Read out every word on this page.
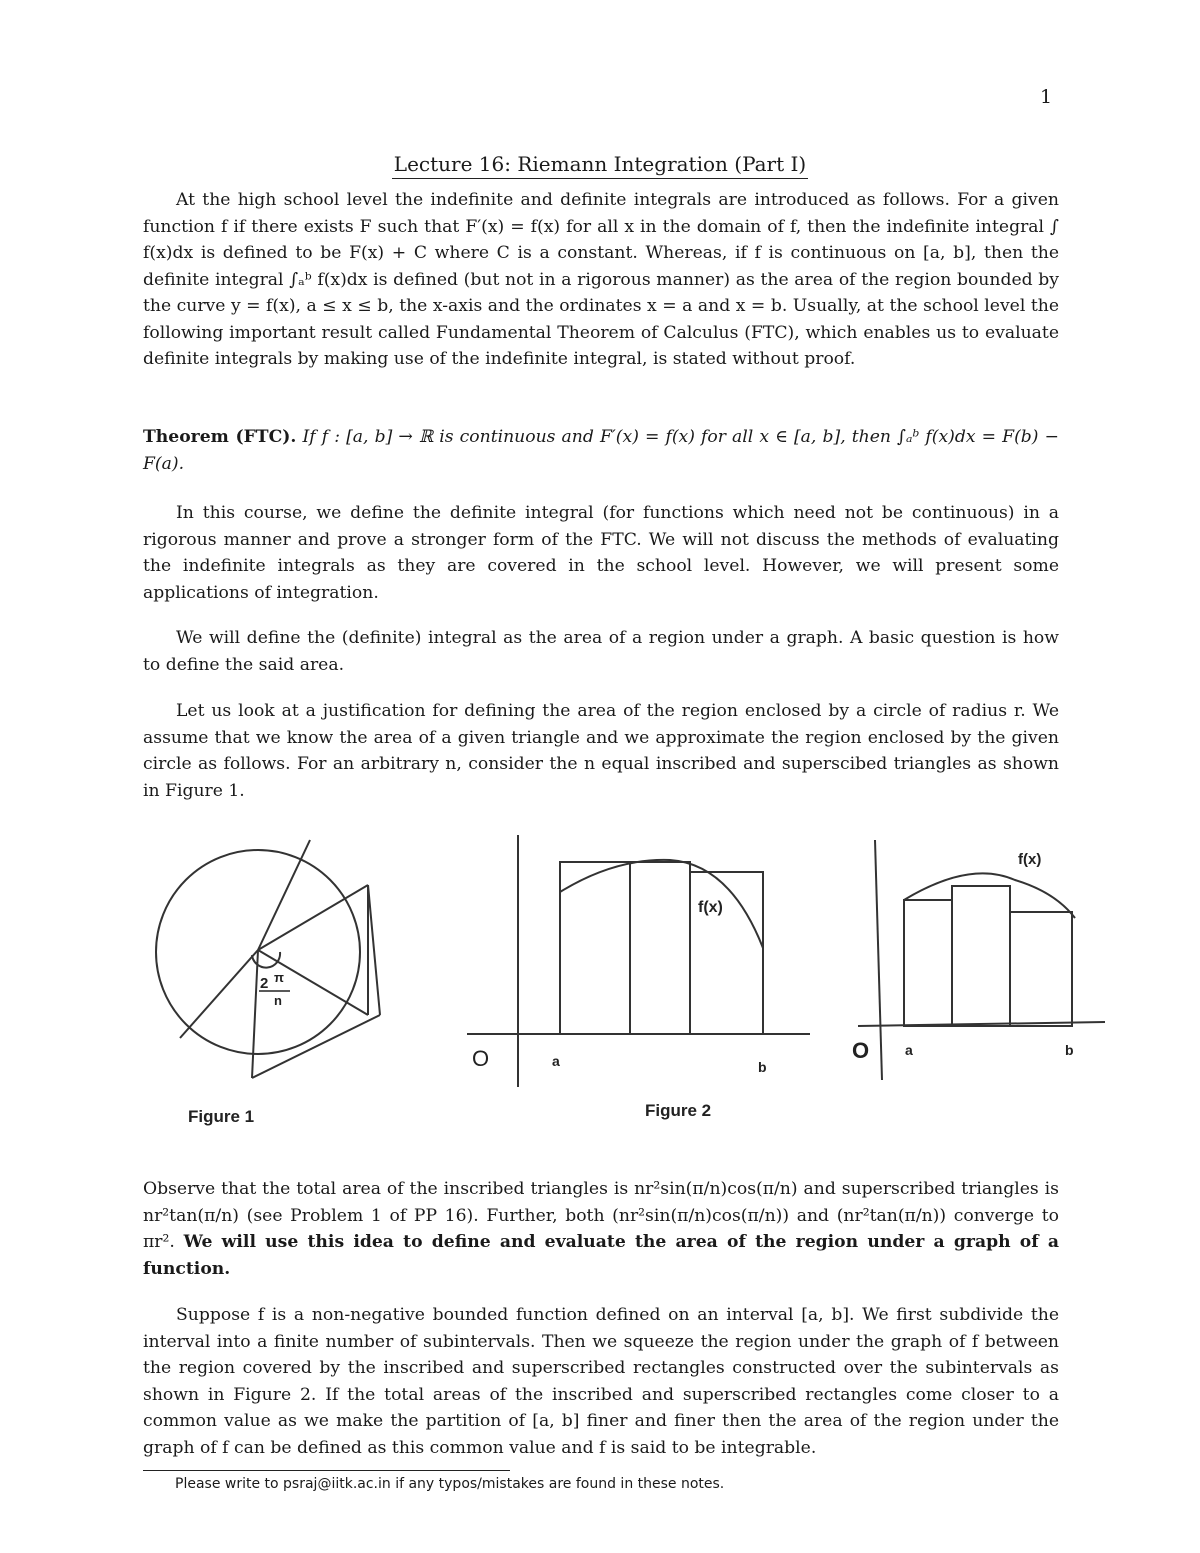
1
Lecture 16: Riemann Integration (Part I)
At the high school level the indefinite and definite integrals are introduced as follows. For a given function f if there exists F such that F′(x) = f(x) for all x in the domain of f, then the indefinite integral ∫ f(x)dx is defined to be F(x) + C where C is a constant. Whereas, if f is continuous on [a, b], then the definite integral ∫ₐᵇ f(x)dx is defined (but not in a rigorous manner) as the area of the region bounded by the curve y = f(x), a ≤ x ≤ b, the x-axis and the ordinates x = a and x = b. Usually, at the school level the following important result called Fundamental Theorem of Calculus (FTC), which enables us to evaluate definite integrals by making use of the indefinite integral, is stated without proof.
Theorem (FTC). If f : [a, b] → ℝ is continuous and F′(x) = f(x) for all x ∈ [a, b], then ∫ₐᵇ f(x)dx = F(b) − F(a).
In this course, we define the definite integral (for functions which need not be continuous) in a rigorous manner and prove a stronger form of the FTC. We will not discuss the methods of evaluating the indefinite integrals as they are covered in the school level. However, we will present some applications of integration.
We will define the (definite) integral as the area of a region under a graph. A basic question is how to define the said area.
Let us look at a justification for defining the area of the region enclosed by a circle of radius r. We assume that we know the area of a given triangle and we approximate the region enclosed by the given circle as follows. For an arbitrary n, consider the n equal inscribed and superscibed triangles as shown in Figure 1.
2 π
n
Figure 1
f(x)
O	a	b
Figure 2
f(x)
O	a	b
Observe that the total area of the inscribed triangles is nr²sin(π/n)cos(π/n) and superscribed triangles is nr²tan(π/n) (see Problem 1 of PP 16). Further, both (nr²sin(π/n)cos(π/n)) and (nr²tan(π/n)) converge to πr². We will use this idea to define and evaluate the area of the region under a graph of a function.
Suppose f is a non-negative bounded function defined on an interval [a, b]. We first subdivide the interval into a finite number of subintervals. Then we squeeze the region under the graph of f between the region covered by the inscribed and superscribed rectangles constructed over the subintervals as shown in Figure 2. If the total areas of the inscribed and superscribed rectangles come closer to a common value as we make the partition of [a, b] finer and finer then the area of the region under the graph of f can be defined as this common value and f is said to be integrable.
Please write to psraj@iitk.ac.in if any typos/mistakes are found in these notes.
